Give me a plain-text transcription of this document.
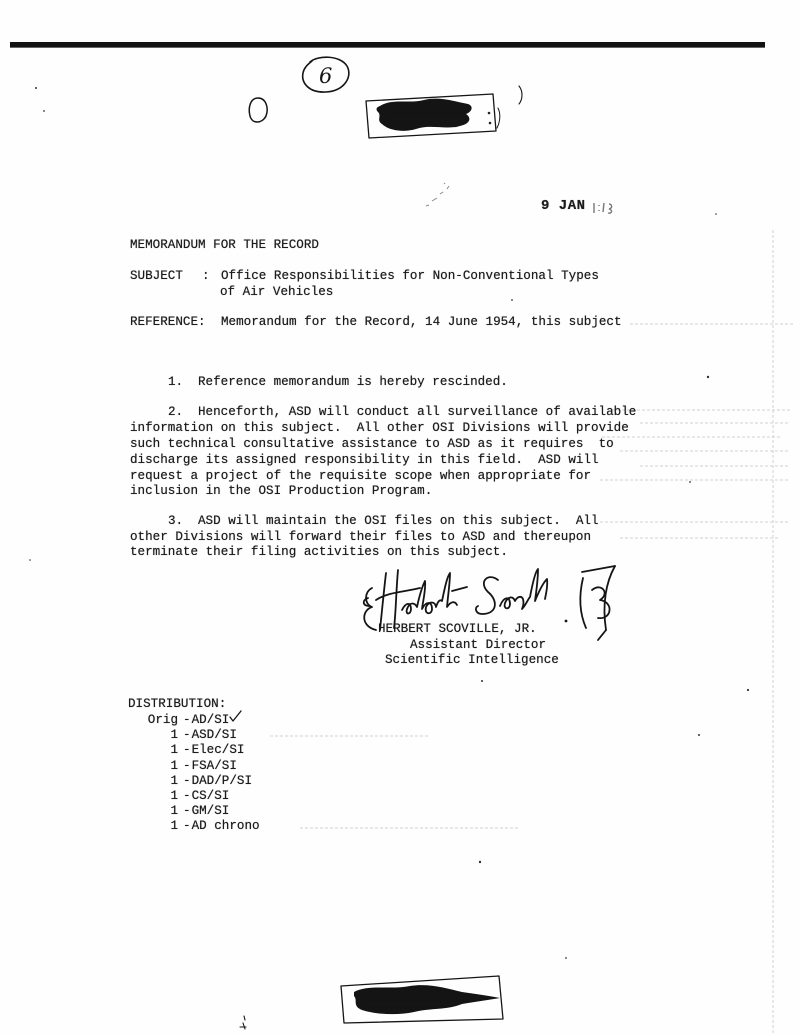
6
9 JAN
MEMORANDUM FOR THE RECORD
SUBJECT : Office Responsibilities for Non-Conventional Types
of Air Vehicles
REFERENCE: Memorandum for the Record, 14 June 1954, this subject
1. Reference memorandum is hereby rescinded.
2. Henceforth, ASD will conduct all surveillance of available
information on this subject.  All other OSI Divisions will provide
such technical consultative assistance to ASD as it requires  to
discharge its assigned responsibility in this field.  ASD will
request a project of the requisite scope when appropriate for
inclusion in the OSI Production Program.
3. ASD will maintain the OSI files on this subject.  All
other Divisions will forward their files to ASD and thereupon
terminate their filing activities on this subject.
HERBERT SCOVILLE, JR.
Assistant Director
Scientific Intelligence
DISTRIBUTION:
Orig -AD/SI
1 -ASD/SI
1 -Elec/SI
1 -FSA/SI
1 -DAD/P/SI
1 -CS/SI
1 -GM/SI
1 -AD chrono
